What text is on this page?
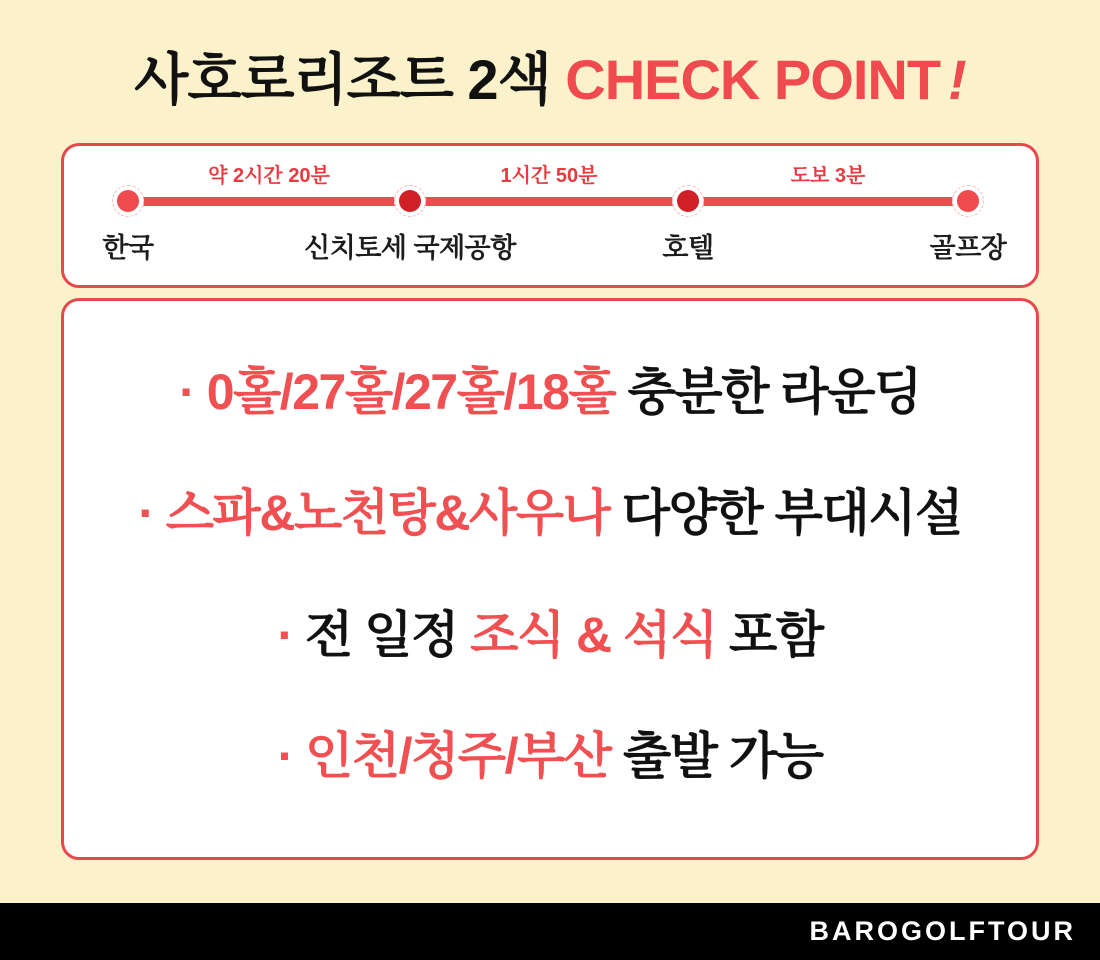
사호로리조트 2색 CHECK POINT !
약 2시간 20분	1시간 50분	도보 3분
한국	신치토세 국제공항	호텔	골프장
· 0홀/27홀/27홀/18홀 충분한 라운딩
· 스파&노천탕&사우나 다양한 부대시설
· 전 일정 조식 & 석식 포함
· 인천/청주/부산 출발 가능
BAROGOLFTOUR
